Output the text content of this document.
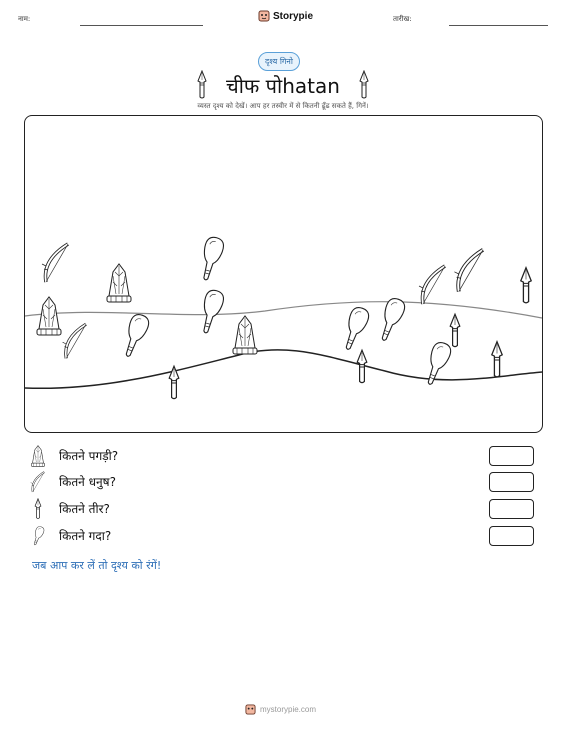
नाम:	Storypie	तारीख:
दृश्य गिनो
चीफ पोhatan
व्यस्त दृश्य को देखें। आप हर तस्वीर में से कितनी ढूँढ सकते हैं, गिनें।
कितने पगड़ी?
कितने धनुष?
कितने तीर?
कितने गदा?
जब आप कर लें तो दृश्य को रंगें!
mystorypie.com
